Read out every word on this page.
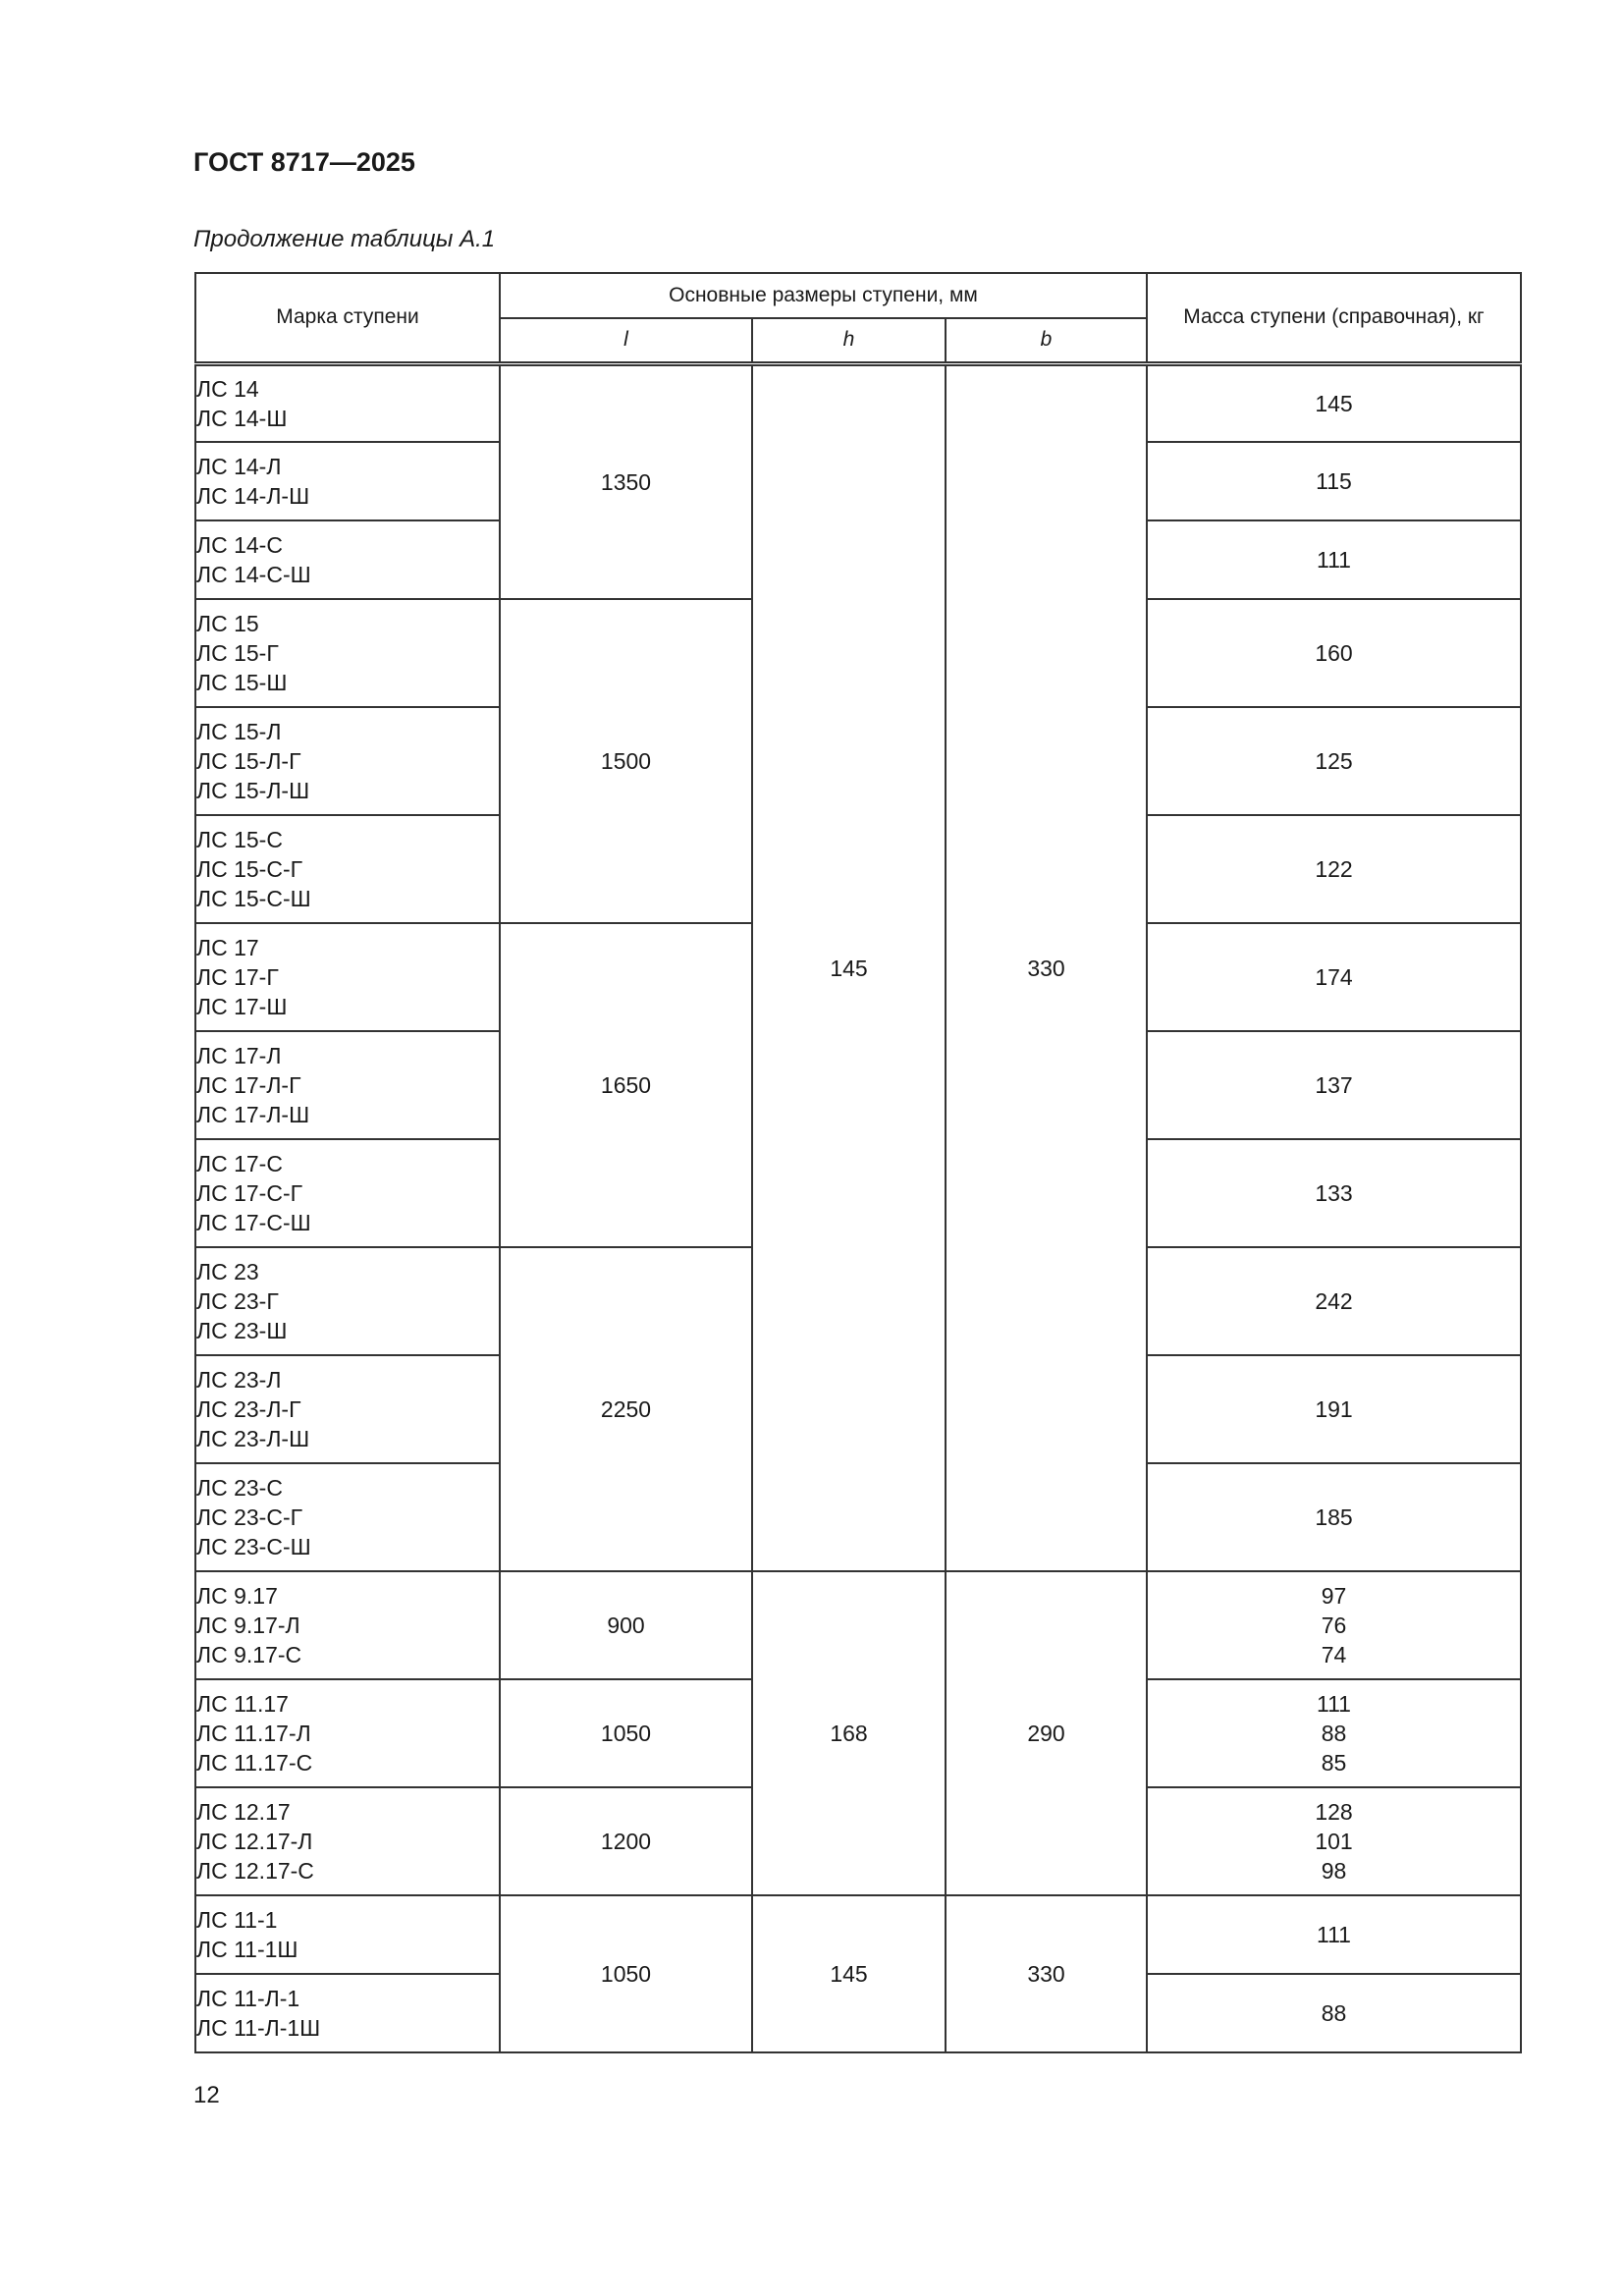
ГОСТ 8717—2025
Продолжение таблицы А.1
Марка ступени	Основные размеры ступени, мм			Масса ступени (справочная), кг
	l	h	b	

ЛС 14
ЛС 14-Ш	1350	145	330	145

ЛС 14-Л
ЛС 14-Л-Ш				115

ЛС 14-С
ЛС 14-С-Ш				111

ЛС 15
ЛС 15-Г
ЛС 15-Ш	1500			160

ЛС 15-Л
ЛС 15-Л-Г
ЛС 15-Л-Ш				125

ЛС 15-С
ЛС 15-С-Г
ЛС 15-С-Ш				122

ЛС 17
ЛС 17-Г
ЛС 17-Ш	1650			174

ЛС 17-Л
ЛС 17-Л-Г
ЛС 17-Л-Ш				137

ЛС 17-С
ЛС 17-С-Г
ЛС 17-С-Ш				133

ЛС 23
ЛС 23-Г
ЛС 23-Ш	2250			242

ЛС 23-Л
ЛС 23-Л-Г
ЛС 23-Л-Ш				191

ЛС 23-С
ЛС 23-С-Г
ЛС 23-С-Ш				185

ЛС 9.17
ЛС 9.17-Л
ЛС 9.17-С	900	168	290	97
76
74

ЛС 11.17
ЛС 11.17-Л
ЛС 11.17-С	1050			111
88
85

ЛС 12.17
ЛС 12.17-Л
ЛС 12.17-С	1200			128
101
98

ЛС 11-1
ЛС 11-1Ш	1050	145	330	111

ЛС 11-Л-1
ЛС 11-Л-1Ш				88
12
